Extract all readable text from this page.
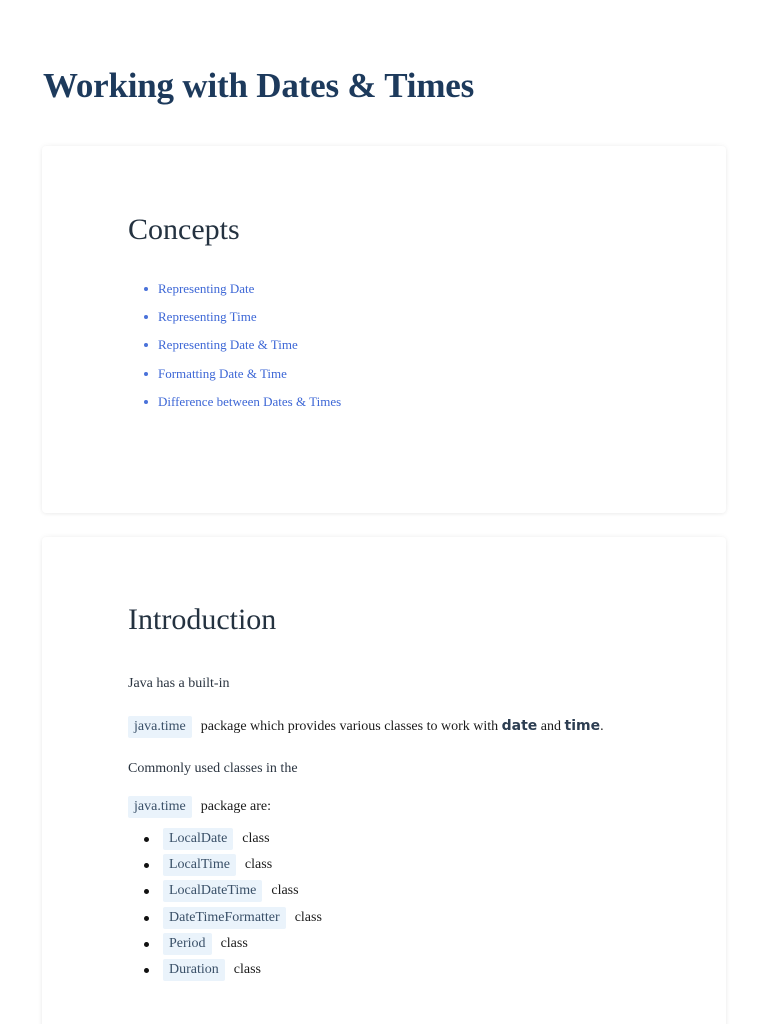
Working with Dates & Times
Concepts
Representing Date
Representing Time
Representing Date & Time
Formatting Date & Time
Difference between Dates & Times
Introduction

Java has a built-in

java.time package which provides various classes to work with date and time.

Commonly used classes in the

java.time package are:

LocalDate class
LocalTime class
LocalDateTime class
DateTimeFormatter class
Period class
Duration class
